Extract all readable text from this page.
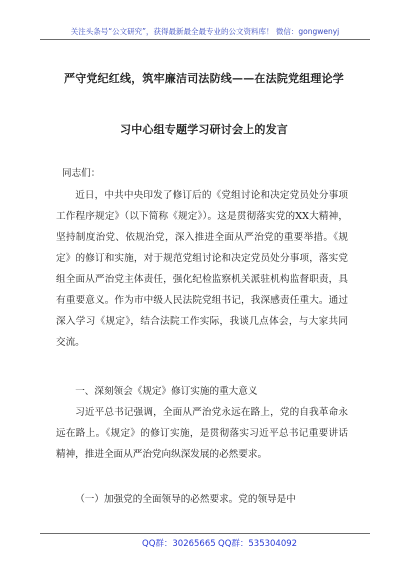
关注头条号“公文研究”，获得最新最全最专业的公文资料库！ 微信：gongwenyj
严守党纪红线，筑牢廉洁司法防线——在法院党组理论学
习中心组专题学习研讨会上的发言
同志们：
近日，中共中央印发了修订后的《党组讨论和决定党员处分事项工作程序规定》（以下简称《规定》）。这是贯彻落实党的XX大精神，坚持制度治党、依规治党，深入推进全面从严治党的重要举措。《规定》的修订和实施，对于规范党组讨论和决定党员处分事项，落实党组全面从严治党主体责任，强化纪检监察机关派驻机构监督职责，具有重要意义。作为市中级人民法院党组书记，我深感责任重大。通过深入学习《规定》，结合法院工作实际，我谈几点体会，与大家共同交流。
一、深刻领会《规定》修订实施的重大意义
习近平总书记强调，全面从严治党永远在路上，党的自我革命永远在路上。《规定》的修订实施，是贯彻落实习近平总书记重要讲话精神，推进全面从严治党向纵深发展的必然要求。
（一）加强党的全面领导的必然要求。党的领导是中
QQ群：30265665 QQ群：535304092
